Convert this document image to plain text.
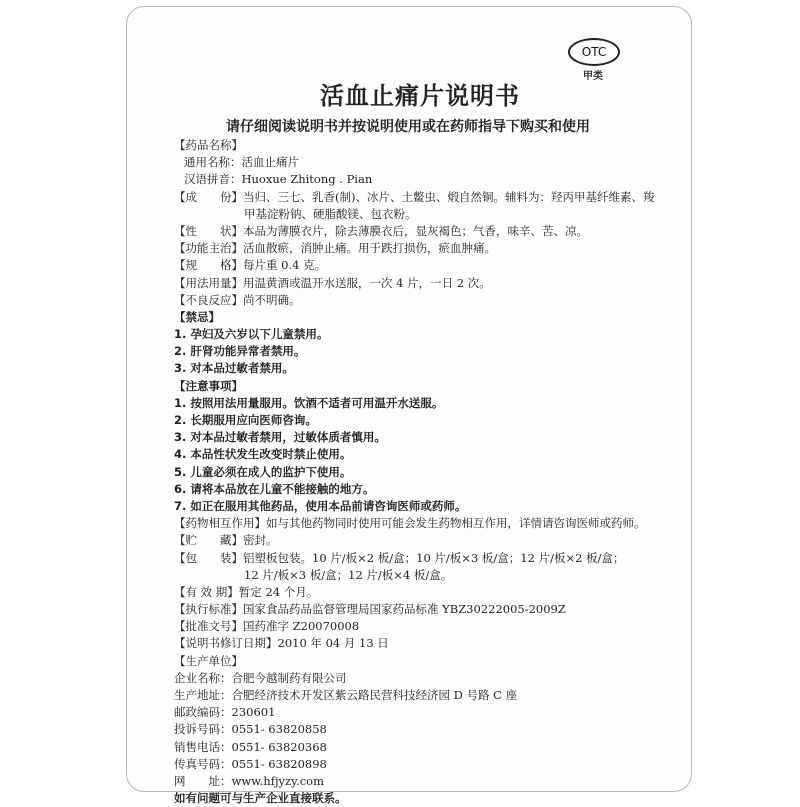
OTC
甲类
活血止痛片说明书
请仔细阅读说明书并按说明使用或在药师指导下购买和使用
【药品名称】
通用名称：活血止痛片
汉语拼音：Huoxue Zhitong . Pian
【成　　份】当归、三七、乳香(制)、冰片、土鳖虫、煅自然铜。辅料为：羟丙甲基纤维素、羧
甲基淀粉钠、硬脂酸镁、包衣粉。
【性　　状】本品为薄膜衣片，除去薄膜衣后，显灰褐色；气香，味辛、苦、凉。
【功能主治】活血散瘀，消肿止痛。用于跌打损伤，瘀血肿痛。
【规　　格】每片重 0.4 克。
【用法用量】用温黄酒或温开水送服，一次 4 片，一日 2 次。
【不良反应】尚不明确。
【禁忌】
1. 孕妇及六岁以下儿童禁用。
2. 肝肾功能异常者禁用。
3. 对本品过敏者禁用。
【注意事项】
1. 按照用法用量服用。饮酒不适者可用温开水送服。
2. 长期服用应向医师咨询。
3. 对本品过敏者禁用，过敏体质者慎用。
4. 本品性状发生改变时禁止使用。
5. 儿童必须在成人的监护下使用。
6. 请将本品放在儿童不能接触的地方。
7. 如正在服用其他药品，使用本品前请咨询医师或药师。
【药物相互作用】如与其他药物同时使用可能会发生药物相互作用，详情请咨询医师或药师。
【贮　　藏】密封。
【包　　装】铝塑板包装。10 片/板×2 板/盒；10 片/板×3 板/盒；12 片/板×2 板/盒；
12 片/板×3 板/盒；12 片/板×4 板/盒。
【有 效 期】暂定 24 个月。
【执行标准】国家食品药品监督管理局国家药品标准 YBZ30222005-2009Z
【批准文号】国药准字 Z20070008
【说明书修订日期】2010 年 04 月 13 日
【生产单位】
企业名称：合肥今越制药有限公司
生产地址：合肥经济技术开发区紫云路民营科技经济园 D 号路 C 座
邮政编码：230601
投诉号码：0551- 63820858
销售电话：0551- 63820368
传真号码：0551- 63820898
网　　址：www.hfjyzy.com
如有问题可与生产企业直接联系。
